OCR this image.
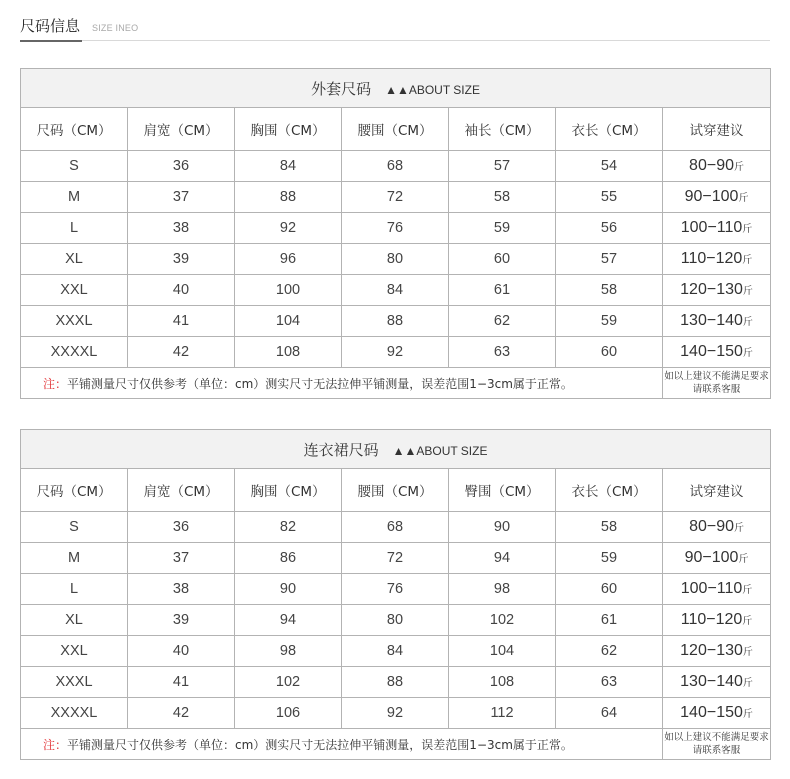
尺码信息 SIZE INEO
外套尺码 ▲▲ABOUT SIZE						
尺码（CM）	肩宽（CM）	胸围（CM）	腰围（CM）	袖长（CM）	衣长（CM）	试穿建议
S	36	84	68	57	54	80−90斤
M	37	88	72	58	55	90−100斤
L	38	92	76	59	56	100−110斤
XL	39	96	80	60	57	110−120斤
XXL	40	100	84	61	58	120−130斤
XXXL	41	104	88	62	59	130−140斤
XXXXL	42	108	92	63	60	140−150斤
注：平铺测量尺寸仅供参考（单位：cm）测实尺寸无法拉伸平铺测量，误差范围1−3cm属于正常。						如以上建议不能满足要求请联系客服
连衣裙尺码 ▲▲ABOUT SIZE						
尺码（CM）	肩宽（CM）	胸围（CM）	腰围（CM）	臀围（CM）	衣长（CM）	试穿建议
S	36	82	68	90	58	80−90斤
M	37	86	72	94	59	90−100斤
L	38	90	76	98	60	100−110斤
XL	39	94	80	102	61	110−120斤
XXL	40	98	84	104	62	120−130斤
XXXL	41	102	88	108	63	130−140斤
XXXXL	42	106	92	112	64	140−150斤
注：平铺测量尺寸仅供参考（单位：cm）测实尺寸无法拉伸平铺测量，误差范围1−3cm属于正常。						如以上建议不能满足要求请联系客服
